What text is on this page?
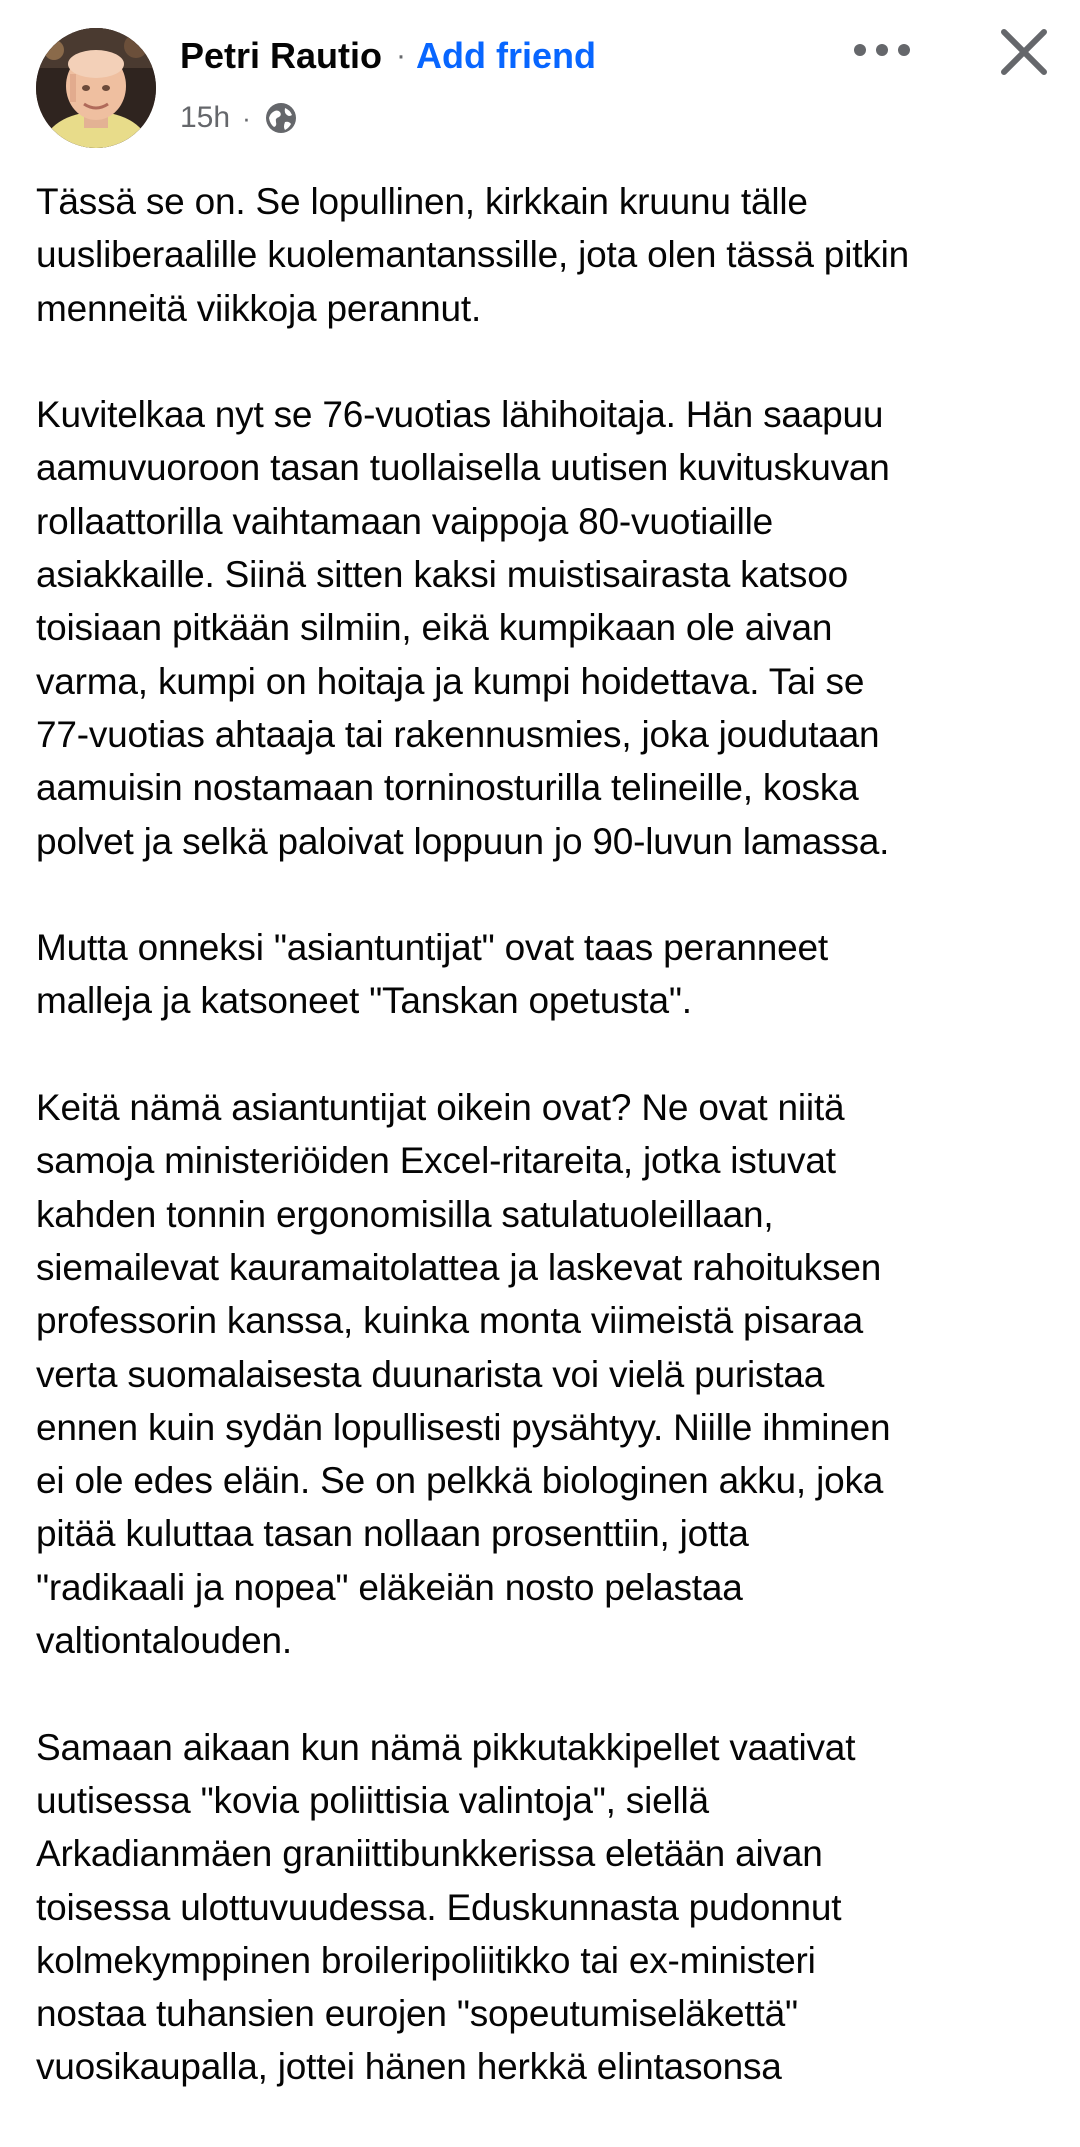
Petri Rautio · Add friend
15h ·
Tässä se on. Se lopullinen, kirkkain kruunu tälle
uusliberaalille kuolemantanssille, jota olen tässä pitkin
menneitä viikkoja perannut.
Kuvitelkaa nyt se 76-vuotias lähihoitaja. Hän saapuu
aamuvuoroon tasan tuollaisella uutisen kuvituskuvan
rollaattorilla vaihtamaan vaippoja 80-vuotiaille
asiakkaille. Siinä sitten kaksi muistisairasta katsoo
toisiaan pitkään silmiin, eikä kumpikaan ole aivan
varma, kumpi on hoitaja ja kumpi hoidettava. Tai se
77-vuotias ahtaaja tai rakennusmies, joka joudutaan
aamuisin nostamaan torninosturilla telineille, koska
polvet ja selkä paloivat loppuun jo 90-luvun lamassa.
Mutta onneksi "asiantuntijat" ovat taas peranneet
malleja ja katsoneet "Tanskan opetusta".
Keitä nämä asiantuntijat oikein ovat? Ne ovat niitä
samoja ministeriöiden Excel-ritareita, jotka istuvat
kahden tonnin ergonomisilla satulatuoleillaan,
siemailevat kauramaitolattea ja laskevat rahoituksen
professorin kanssa, kuinka monta viimeistä pisaraa
verta suomalaisesta duunarista voi vielä puristaa
ennen kuin sydän lopullisesti pysähtyy. Niille ihminen
ei ole edes eläin. Se on pelkkä biologinen akku, joka
pitää kuluttaa tasan nollaan prosenttiin, jotta
"radikaali ja nopea" eläkeiän nosto pelastaa
valtiontalouden.
Samaan aikaan kun nämä pikkutakkipellet vaativat
uutisessa "kovia poliittisia valintoja", siellä
Arkadianmäen graniittibunkkerissa eletään aivan
toisessa ulottuvuudessa. Eduskunnasta pudonnut
kolmekymppinen broileripoliitikko tai ex-ministeri
nostaa tuhansien eurojen "sopeutumiseläkettä"
vuosikaupalla, jottei hänen herkkä elintasonsa
